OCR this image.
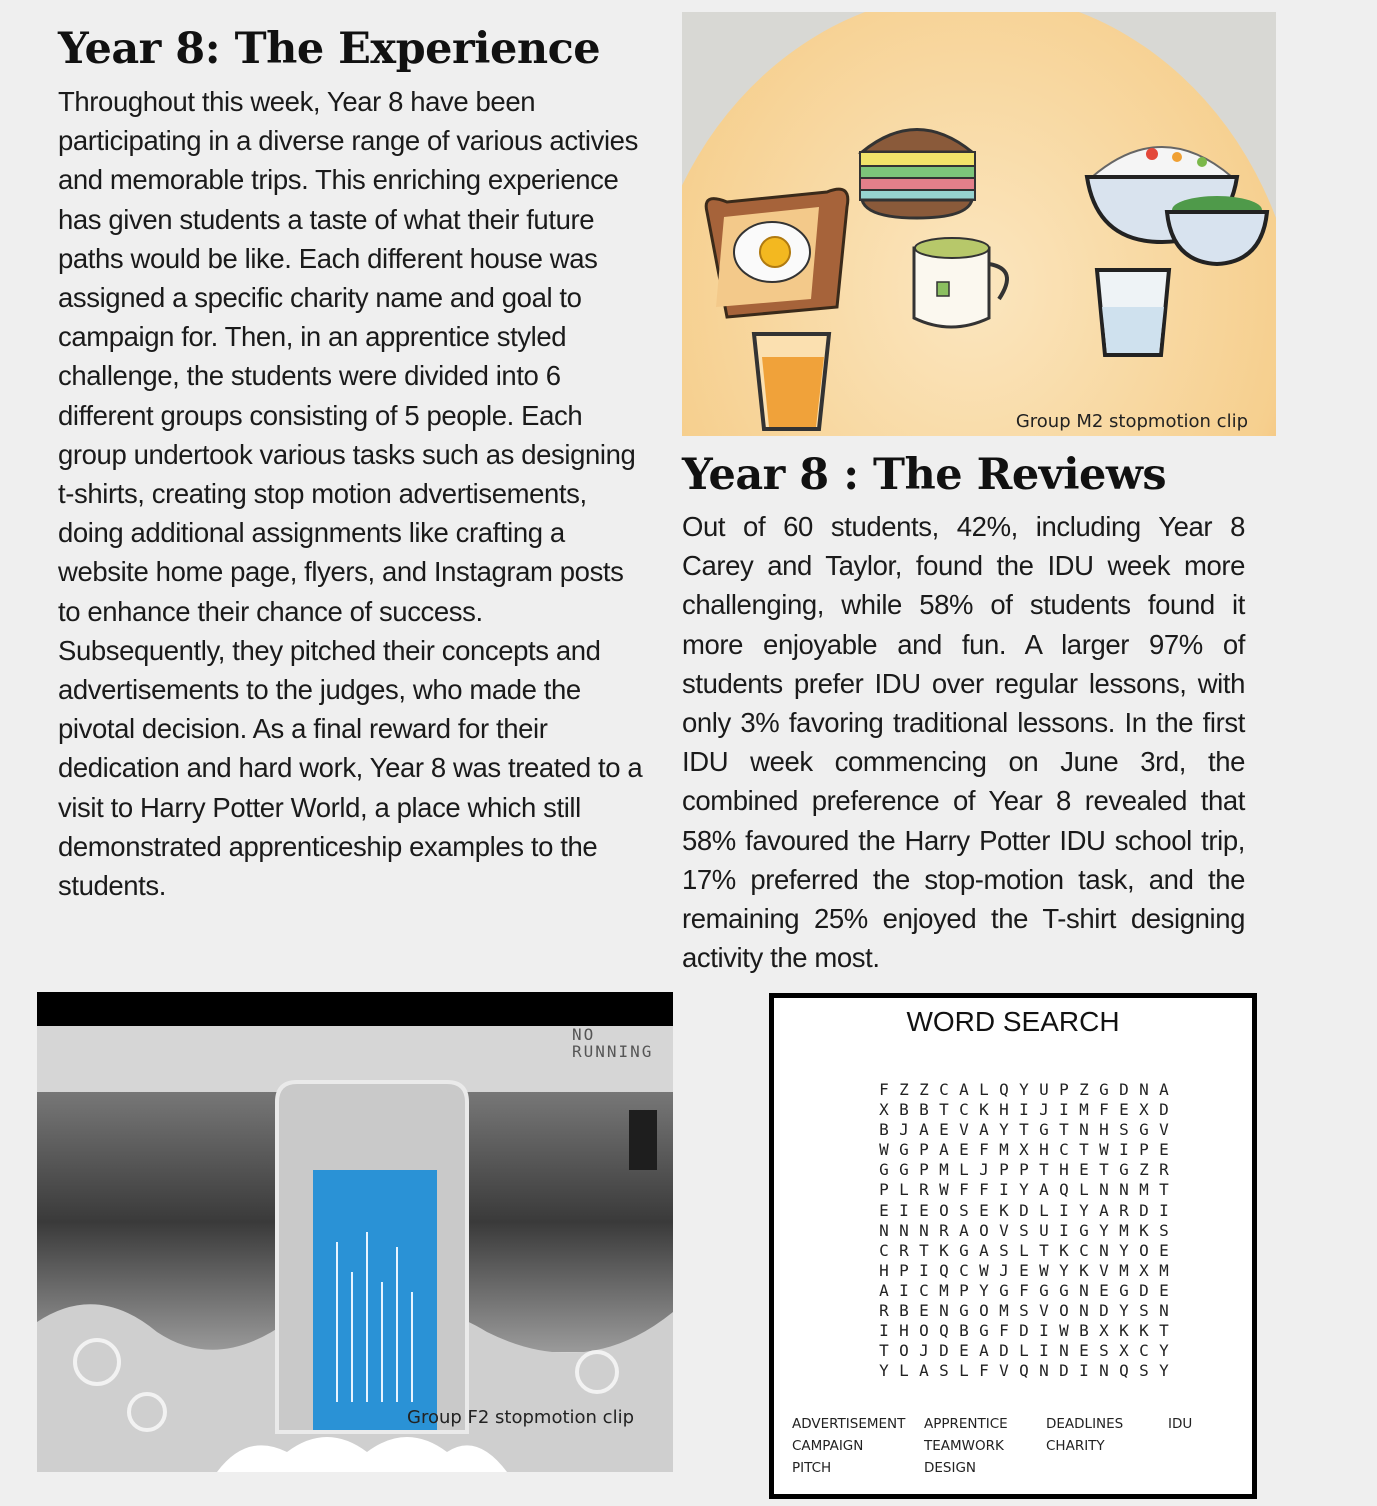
Year 8: The Experience
Throughout this week, Year 8 have been participating in a diverse range of various activies and memorable trips. This enriching experience has given students a taste of what their future paths would be like. Each different house was assigned a specific charity name and goal to campaign for. Then, in an apprentice styled challenge, the students were divided into 6 different groups consisting of 5 people. Each group undertook various tasks such as designing t-shirts, creating stop motion advertisements, doing additional assignments like crafting a website home page, flyers, and Instagram posts to enhance their chance of success. Subsequently, they pitched their concepts and advertisements to the judges, who made the pivotal decision. As a final reward for their dedication and hard work, Year 8 was treated to a visit to Harry Potter World, a place which still demonstrated apprenticeship examples to the students.
Group M2 stopmotion clip
Year 8 : The Reviews
Out of 60 students, 42%, including Year 8 Carey and Taylor, found the IDU week more challenging, while 58% of students found it more enjoyable and fun. A larger 97% of students prefer IDU over regular lessons, with only 3% favoring traditional lessons. In the first IDU week commencing on June 3rd, the combined preference of Year 8 revealed that 58% favoured the Harry Potter IDU school trip, 17% preferred the stop-motion task, and the remaining 25% enjoyed the T-shirt designing activity the most.
NO
RUNNING
Group F2 stopmotion clip
WORD SEARCH
F Z Z C A L Q Y U P Z G D N A
X B B T C K H I J I M F E X D
B J A E V A Y T G T N H S G V
W G P A E F M X H C T W I P E
G G P M L J P P T H E T G Z R
P L R W F F I Y A Q L N N M T
E I E O S E K D L I Y A R D I
N N N R A O V S U I G Y M K S
C R T K G A S L T K C N Y O E
H P I Q C W J E W Y K V M X M
A I C M P Y G F G G N E G D E
R B E N G O M S V O N D Y S N
I H O Q B G F D I W B X K K T
T O J D E A D L I N E S X C Y
Y L A S L F V Q N D I N Q S Y
ADVERTISEMENT	APPRENTICE	DEADLINES	IDU
CAMPAIGN	TEAMWORK	CHARITY
PITCH	DESIGN
